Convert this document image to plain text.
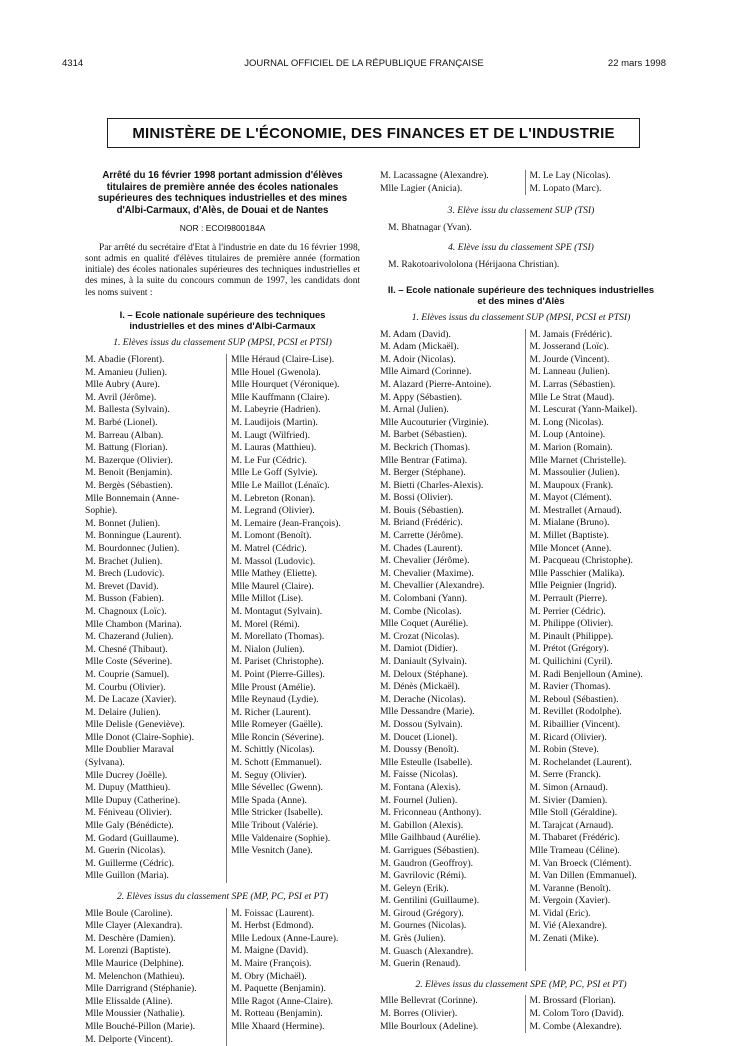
4314	JOURNAL OFFICIEL DE LA RÉPUBLIQUE FRANÇAISE	22 mars 1998
MINISTÈRE DE L'ÉCONOMIE, DES FINANCES ET DE L'INDUSTRIE
Arrêté du 16 février 1998 portant admission d'élèves titulaires de première année des écoles nationales supérieures des techniques industrielles et des mines d'Albi-Carmaux, d'Alès, de Douai et de Nantes
NOR : ECOI9800184A
Par arrêté du secrétaire d'Etat à l'industrie en date du 16 février 1998, sont admis en qualité d'élèves titulaires de première année (formation initiale) des écoles nationales supérieures des techniques industrielles et des mines, à la suite du concours commun de 1997, les candidats dont les noms suivent :
I. – Ecole nationale supérieure des techniques industrielles et des mines d'Albi-Carmaux
1. Elèves issus du classement SUP (MPSI, PCSI et PTSI)
M. Abadie (Florent).
M. Amanieu (Julien).
Mlle Aubry (Aure).
M. Avril (Jérôme).
M. Ballesta (Sylvain).
M. Barbé (Lionel).
M. Barreau (Alban).
M. Battung (Florian).
M. Bazerque (Olivier).
M. Benoit (Benjamin).
M. Bergès (Sébastien).
Mlle Bonnemain (Anne-
Sophie).
M. Bonnet (Julien).
M. Bonningue (Laurent).
M. Bourdonnec (Julien).
M. Brachet (Julien).
M. Brech (Ludovic).
M. Brevet (David).
M. Busson (Fabien).
M. Chagnoux (Loïc).
Mlle Chambon (Marina).
M. Chazerand (Julien).
M. Chesné (Thibaut).
Mlle Coste (Séverine).
M. Couprie (Samuel).
M. Courbu (Olivier).
M. De Lacaze (Xavier).
M. Delaire (Julien).
Mlle Delisle (Geneviève).
Mlle Donot (Claire-Sophie).
Mlle Doublier Maraval
(Sylvana).
Mlle Ducrey (Joëlle).
M. Dupuy (Matthieu).
Mlle Dupuy (Catherine).
M. Féniveau (Olivier).
Mlle Galy (Bénédicte).
M. Godard (Guillaume).
M. Guerin (Nicolas).
M. Guillerme (Cédric).
Mlle Guillon (Maria).
Mlle Héraud (Claire-Lise).
Mlle Houel (Gwenola).
Mlle Hourquet (Véronique).
Mlle Kauffmann (Claire).
M. Labeyrie (Hadrien).
M. Laudijois (Martin).
M. Laugt (Wilfried).
M. Lauras (Matthieu).
M. Le Fur (Cédric).
Mlle Le Goff (Sylvie).
Mlle Le Maillot (Lénaïc).
M. Lebreton (Ronan).
M. Legrand (Olivier).
M. Lemaire (Jean-François).
M. Lomont (Benoît).
M. Matrel (Cédric).
M. Massol (Ludovic).
Mlle Mathey (Eliette).
Mlle Maurel (Claire).
Mlle Millot (Lise).
M. Montagut (Sylvain).
M. Morel (Rémi).
M. Morellato (Thomas).
M. Nialon (Julien).
M. Pariset (Christophe).
M. Point (Pierre-Gilles).
Mlle Proust (Amélie).
Mlle Reynaud (Lydie).
M. Richer (Laurent).
Mlle Romeyer (Gaëlle).
Mlle Roncin (Séverine).
M. Schittly (Nicolas).
M. Schott (Emmanuel).
M. Seguy (Olivier).
Mlle Sévellec (Gwenn).
Mlle Spada (Anne).
Mlle Stricker (Isabelle).
Mlle Tribout (Valérie).
Mlle Valdenaire (Sophie).
Mlle Vesnitch (Jane).
2. Elèves issus du classement SPE (MP, PC, PSI et PT)
Mlle Boule (Caroline).
Mlle Clayer (Alexandra).
M. Deschère (Damien).
M. Lorenzi (Baptiste).
Mlle Maurice (Delphine).
M. Melenchon (Mathieu).
Mlle Darrigrand (Stéphanie).
Mlle Elissalde (Aline).
Mlle Moussier (Nathalie).
Mlle Bouché-Pillon (Marie).
M. Delporte (Vincent).
M. Foissac (Laurent).
M. Herbst (Edmond).
Mlle Ledoux (Anne-Laure).
M. Maigne (David).
M. Maire (François).
M. Obry (Michaël).
M. Paquette (Benjamin).
Mlle Ragot (Anne-Claire).
M. Rotteau (Benjamin).
Mlle Xhaard (Hermine).
M. Lacassagne (Alexandre).
Mlle Lagier (Anicia).
M. Le Lay (Nicolas).
M. Lopato (Marc).
3. Elève issu du classement SUP (TSI)
M. Bhatnagar (Yvan).
4. Elève issu du classement SPE (TSI)
M. Rakotoarivololona (Hérijaona Christian).
II. – Ecole nationale supérieure des techniques industrielles et des mines d'Alès
1. Elèves issus du classement SUP (MPSI, PCSI et PTSI)
M. Adam (David).
M. Adam (Mickaël).
M. Adoir (Nicolas).
Mlle Aimard (Corinne).
M. Alazard (Pierre-Antoine).
M. Appy (Sébastien).
M. Arnal (Julien).
Mlle Aucouturier (Virginie).
M. Barbet (Sébastien).
M. Beckrich (Thomas).
Mlle Bentrar (Fatima).
M. Berger (Stéphane).
M. Bietti (Charles-Alexis).
M. Bossi (Olivier).
M. Bouis (Sébastien).
M. Briand (Frédéric).
M. Carrette (Jérôme).
M. Chades (Laurent).
M. Chevalier (Jérôme).
M. Chevalier (Maxime).
M. Chevallier (Alexandre).
M. Colombani (Yann).
M. Combe (Nicolas).
Mlle Coquet (Aurélie).
M. Crozat (Nicolas).
M. Damiot (Didier).
M. Daniault (Sylvain).
M. Deloux (Stéphane).
M. Dénès (Mickaël).
M. Derache (Nicolas).
Mlle Dessandre (Marie).
M. Dossou (Sylvain).
M. Doucet (Lionel).
M. Doussy (Benoît).
Mlle Esteulle (Isabelle).
M. Faisse (Nicolas).
M. Fontana (Alexis).
M. Fournel (Julien).
M. Friconneau (Anthony).
M. Gabillon (Alexis).
Mlle Gailhbaud (Aurélie).
M. Garrigues (Sébastien).
M. Gaudron (Geoffroy).
M. Gavrilovic (Rémi).
M. Geleyn (Erik).
M. Gentilini (Guillaume).
M. Giroud (Grégory).
M. Gournes (Nicolas).
M. Grès (Julien).
M. Guasch (Alexandre).
M. Guerin (Renaud).
M. Jamais (Frédéric).
M. Josserand (Loïc).
M. Jourde (Vincent).
M. Lanneau (Julien).
M. Larras (Sébastien).
Mlle Le Strat (Maud).
M. Lescurat (Yann-Maikel).
M. Long (Nicolas).
M. Loup (Antoine).
M. Marion (Romain).
Mlle Marnet (Christelle).
M. Massoulier (Julien).
M. Maupoux (Frank).
M. Mayot (Clément).
M. Mestrallet (Arnaud).
M. Mialane (Bruno).
M. Millet (Baptiste).
Mlle Moncet (Anne).
M. Pacqueau (Christophe).
Mlle Passchier (Malika).
Mlle Peignier (Ingrid).
M. Perrault (Pierre).
M. Perrier (Cédric).
M. Philippe (Olivier).
M. Pinault (Philippe).
M. Prétot (Grégory).
M. Quilichini (Cyril).
M. Radi Benjelloun (Amine).
M. Ravier (Thomas).
M. Reboul (Sébastien).
M. Revillet (Rodolphe).
M. Ribaillier (Vincent).
M. Ricard (Olivier).
M. Robin (Steve).
M. Rochelandet (Laurent).
M. Serre (Franck).
M. Simon (Arnaud).
M. Sivier (Damien).
Mlle Stoll (Géraldine).
M. Tarajcat (Arnaud).
M. Thabaret (Frédéric).
Mlle Trameau (Céline).
M. Van Broeck (Clément).
M. Van Dillen (Emmanuel).
M. Varanne (Benoît).
M. Vergoin (Xavier).
M. Vidal (Eric).
M. Vié (Alexandre).
M. Zenati (Mike).
2. Elèves issus du classement SPE (MP, PC, PSI et PT)
Mlle Bellevrat (Corinne).
M. Borres (Olivier).
Mlle Bourloux (Adeline).
M. Brossard (Florian).
M. Colom Toro (David).
M. Combe (Alexandre).
